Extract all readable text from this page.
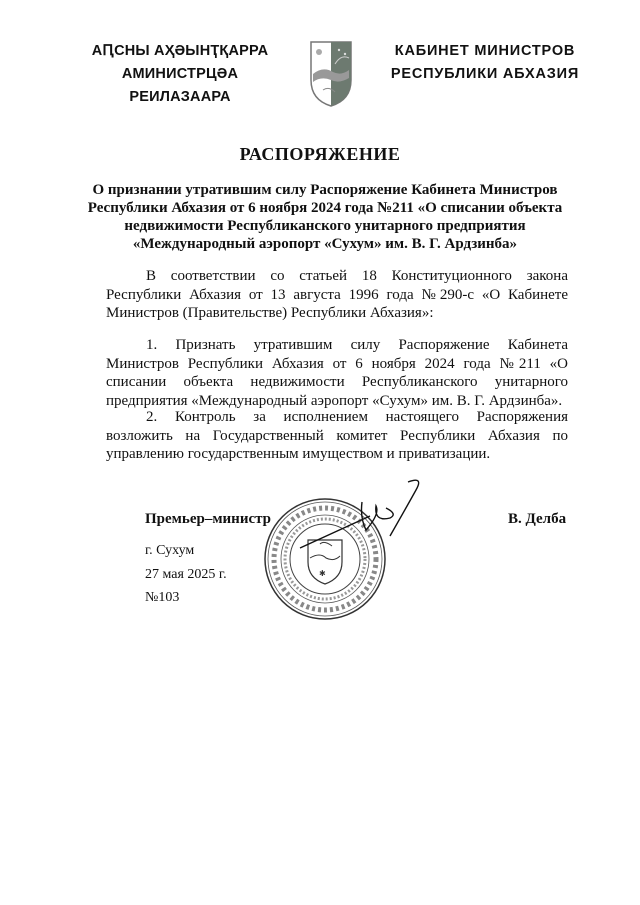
АԤСНЫ АҲӘЫНҬҚАРРА
АМИНИСТРЦӘА РЕИЛАЗААРА
КАБИНЕТ МИНИСТРОВ
РЕСПУБЛИКИ АБХАЗИЯ
РАСПОРЯЖЕНИЕ
О признании утратившим силу Распоряжение Кабинета Министров Республики Абхазия от 6 ноября 2024 года №211 «О списании объекта недвижимости Республиканского унитарного предприятия «Международный аэропорт «Сухум» им. В. Г. Ардзинба»
В соответствии со статьей 18 Конституционного закона Республики Абхазия от 13 августа 1996 года №290-с «О Кабинете Министров (Правительстве) Республики Абхазия»:
1. Признать утратившим силу Распоряжение Кабинета Министров Республики Абхазия от 6 ноября 2024 года №211 «О списании объекта недвижимости Республиканского унитарного предприятия «Международный аэропорт «Сухум» им. В. Г. Ардзинба».
2. Контроль за исполнением настоящего Распоряжения возложить на Государственный комитет Республики Абхазия по управлению государственным имуществом и приватизации.
✱
Премьер–министр	В. Делба
г. Сухум
27 мая 2025 г.
№103
